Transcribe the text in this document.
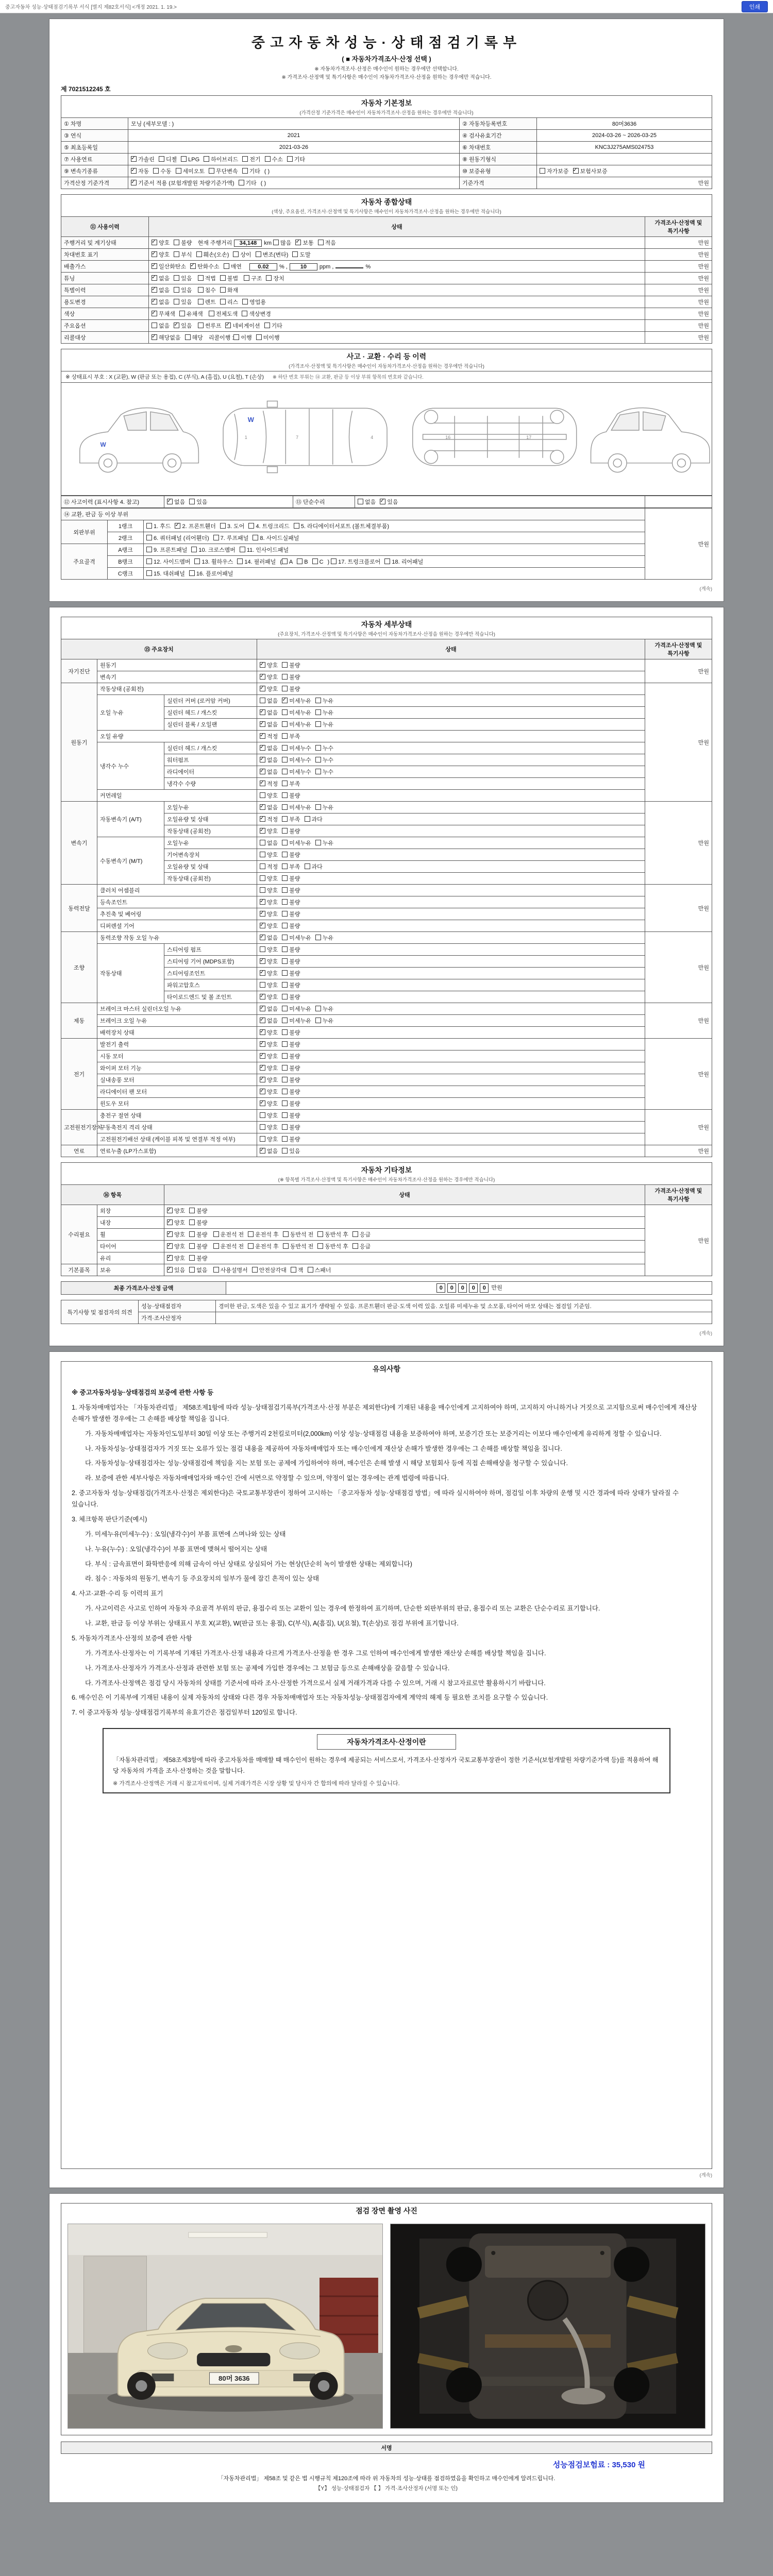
중고자동차 성능·상태점검기록부 서식 [별지 제82호서식] <개정 2021. 1. 19.>	인쇄
중고자동차성능·상태점검기록부
( ■ 자동차가격조사·산정 선택 )
※ 자동차가격조사·산정은 매수인이 원하는 경우에만 선택합니다.
※ 가격조사·산정액 및 특기사항은 매수인이 자동차가격조사·산정을 원하는 경우에만 적습니다.
제 7021512245 호
자동차 기본정보
(가격산정 기준가격은 매수인이 자동차가격조사·산정을 원하는 경우에만 적습니다)
① 차명	모닝 (세부모델 : )	② 자동차등록번호	80머3636
③ 연식	2021	④ 검사유효기간	2024-03-26 ~ 2026-03-25
⑤ 최초등록일	2021-03-26	⑥ 차대번호	KNC3J275AMS024753
⑦ 사용연료	✓가솔린 디젤 LPG 하이브리드 전기 수소 기타	⑧ 원동기형식	
⑨ 변속기종류	✓자동 수동 세미오토 무단변속 기타 ( )	⑩ 보증유형	자가보증 ✓ 보험사보증
가격산정 기준가격	✓기준서 적용 (보험개발원 차량기준가액) 기타 ( )	기준가격	만원
자동차 종합상태
(색상, 주요옵션, 가격조사·산정액 및 특기사항은 매수인이 자동차가격조사·산정을 원하는 경우에만 적습니다)
⑪ 사용이력	상태	가격조사·산정액 및 특기사항
주행거리 및 계기상태	✓양호 불량 현재 주행거리 34,148 km 많음 ✓ 보통 적음	만원
차대번호 표기	✓양호 부식 훼손(오손) 상이 변조(변타) 도말	만원
배출가스	✓일산화탄소 ✓ 탄화수소 매연 0.02 % , 10 ppm , %	만원
튜닝	✓없음 있음 적법 불법 구조 장치	만원
특별이력	✓없음 있음 침수 화재	만원
용도변경	✓없음 있음 렌트 리스 영업용	만원
색상	✓무채색 유채색 전체도색 색상변경	만원
주요옵션	없음 ✓ 있음 썬루프 ✓ 네비게이션 기타	만원
리콜대상	✓해당없음 해당 리콜이행 : 이행 미이행	만원
사고 · 교환 · 수리 등 이력
(가격조사·산정액 및 특기사항은 매수인이 자동차가격조사·산정을 원하는 경우에만 적습니다)
※ 상태표시 부호 : X (교환), W (판금 또는 용접), C (부식), A (흠집), U (요철), T (손상) ※ 하단 번호 부위는 ⑭ 교환, 판금 등 이상 부위 항목의 번호와 같습니다.
W
1	7	4
W
16	17
⑫ 사고이력 (표시사항 4. 참고)	✓없음 있음	⑬ 단순수리	없음 ✓ 있음	
⑭ 교환, 판금 등 이상 부위			만원
외판부위	1랭크	1. 후드 ✓ 2. 프론트휀더 3. 도어 4. 트렁크리드 5. 라디에이터서포트 (볼트체결부품)
	2랭크	6. 쿼터패널 (리어휀더) 7. 루프패널 8. 사이드실패널	
주요골격	A랭크	9. 프론트패널 10. 크로스멤버 11. 인사이드패널	
	B랭크	12. 사이드멤버 13. 휠하우스 14. 필러패널 ( A B C ) 17. 트렁크플로어 18. 리어패널	
	C랭크	15. 대쉬패널 16. 플로어패널	
(계속)
자동차 세부상태
(주요장치, 가격조사·산정액 및 특기사항은 매수인이 자동차가격조사·산정을 원하는 경우에만 적습니다)
⑮ 주요장치			상태	가격조사·산정액 및 특기사항
자기진단	원동기	✓양호 불량	만원
	변속기	✓양호 불량
원동기	작동상태 (공회전)	✓양호 불량	만원
	오일 누유	실린더 커버 (로커암 커버)	없음 ✓ 미세누유 누유
		실린더 헤드 / 개스킷	✓없음 미세누유 누유
		실린더 블록 / 오일팬	✓없음 미세누유 누유
	오일 유량	✓적정 부족
	냉각수 누수	실린더 헤드 / 개스킷	✓없음 미세누수 누수
		워터펌프	✓없음 미세누수 누수
		라디에이터	✓없음 미세누수 누수
		냉각수 수량	✓적정 부족
	커먼레일		양호 불량	
변속기	자동변속기 (A/T)	오일누유	✓없음 미세누유 누유	만원
		오일유량 및 상태	✓적정 부족 과다
		작동상태 (공회전)	✓양호 불량
	수동변속기 (M/T)	오일누유	없음 미세누유 누유	
		기어변속장치	양호 불량	
		오일유량 및 상태	적정 부족 과다	
		작동상태 (공회전)	양호 불량	
동력전달	클러치 어셈블리		양호 불량	만원
	등속조인트	✓양호 불량
	추진축 및 베어링	✓양호 불량
	디퍼렌셜 기어	✓양호 불량
조향	동력조향 작동 오일 누유	✓없음 미세누유 누유	만원
	작동상태	스티어링 펌프	양호 불량	
		스티어링 기어 (MDPS포함)	✓양호 불량
		스티어링조인트	✓양호 불량
		파워고압호스	양호 불량	
		타이로드엔드 및 볼 조인트	✓양호 불량
제동	브레이크 마스터 실린더오일 누유	✓없음 미세누유 누유	만원
	브레이크 오일 누유	✓없음 미세누유 누유
	배력장치 상태	✓양호 불량
전기	발전기 출력	✓양호 불량	만원
	시동 모터	✓양호 불량
	와이퍼 모터 기능	✓양호 불량
	실내송풍 모터	✓양호 불량
	라디에이터 팬 모터	✓양호 불량
	윈도우 모터	✓양호 불량
고전원전기장치	충전구 절연 상태		양호 불량	만원
	구동축전지 격리 상태		양호 불량	
	고전원전기배선 상태 (케이블 피복 및 연결부 적정 여부)		양호 불량	
연료	연료누출 (LP가스포함)	✓없음 있음	만원
자동차 기타정보
(※ 항목별 가격조사·산정액 및 특기사항은 매수인이 자동차가격조사·산정을 원하는 경우에만 적습니다)
⑯ 항목		상태	가격조사·산정액 및 특기사항
수리필요	외장	✓양호 불량	만원
	내장	✓양호 불량
	휠	✓양호 불량 운전석 전 운전석 후 동반석 전 동반석 후 응급
	타이어	✓양호 불량 운전석 전 운전석 후 동반석 전 동반석 후 응급
	유리	✓양호 불량
기본품목	보유	✓있음 없음 사용설명서 안전삼각대 잭 스패너
최종 가격조사·산정 금액	0 0 0 0 0 만원
특기사항 및 점검자의 의견	성능·상태점검자	경미한 판금, 도색은 있을 수 있고 표기가 생략될 수 있음. 프론트휀더 판금·도색 이력 있음. 오일류 미세누유 및 소모품, 타이어 마모 상태는 점검일 기준임.
	가격·조사산정자	
(계속)
유의사항
※ 중고자동차성능·상태점검의 보증에 관한 사항 등
1. 자동차매매업자는 「자동차관리법」 제58조제1항에 따라 성능·상태점검기록부(가격조사·산정 부분은 제외한다)에 기재된 내용을 매수인에게 고지하여야 하며, 고지하지 아니하거나 거짓으로 고지함으로써 매수인에게 재산상 손해가 발생한 경우에는 그 손해를 배상할 책임을 집니다.
가. 자동차매매업자는 자동차인도일부터 30일 이상 또는 주행거리 2천킬로미터(2,000km) 이상 성능·상태점검 내용을 보증하여야 하며, 보증기간 또는 보증거리는 이보다 매수인에게 유리하게 정할 수 있습니다.
나. 자동차성능·상태점검자가 거짓 또는 오류가 있는 점검 내용을 제공하여 자동차매매업자 또는 매수인에게 재산상 손해가 발생한 경우에는 그 손해를 배상할 책임을 집니다.
다. 자동차성능·상태점검자는 성능·상태점검에 책임을 지는 보험 또는 공제에 가입하여야 하며, 매수인은 손해 발생 시 해당 보험회사 등에 직접 손해배상을 청구할 수 있습니다.
라. 보증에 관한 세부사항은 자동차매매업자와 매수인 간에 서면으로 약정할 수 있으며, 약정이 없는 경우에는 관계 법령에 따릅니다.
2. 중고자동차 성능·상태점검(가격조사·산정은 제외한다)은 국토교통부장관이 정하여 고시하는 「중고자동차 성능·상태점검 방법」에 따라 실시하여야 하며, 점검일 이후 차량의 운행 및 시간 경과에 따라 상태가 달라질 수 있습니다.
3. 체크항목 판단기준(예시)
가. 미세누유(미세누수) : 오일(냉각수)이 부품 표면에 스며나와 있는 상태
나. 누유(누수) : 오일(냉각수)이 부품 표면에 맺혀서 떨어지는 상태
다. 부식 : 금속표면이 화학반응에 의해 금속이 아닌 상태로 상실되어 가는 현상(단순히 녹이 발생한 상태는 제외합니다)
라. 침수 : 자동차의 원동기, 변속기 등 주요장치의 일부가 물에 잠긴 흔적이 있는 상태
4. 사고·교환·수리 등 이력의 표기
가. 사고이력은 사고로 인하여 자동차 주요골격 부위의 판금, 용접수리 또는 교환이 있는 경우에 한정하여 표기하며, 단순한 외판부위의 판금, 용접수리 또는 교환은 단순수리로 표기합니다.
나. 교환, 판금 등 이상 부위는 상태표시 부호 X(교환), W(판금 또는 용접), C(부식), A(흠집), U(요철), T(손상)로 점검 부위에 표기합니다.
5. 자동차가격조사·산정의 보증에 관한 사항
가. 가격조사·산정자는 이 기록부에 기재된 가격조사·산정 내용과 다르게 가격조사·산정을 한 경우 그로 인하여 매수인에게 발생한 재산상 손해를 배상할 책임을 집니다.
나. 가격조사·산정자가 가격조사·산정과 관련한 보험 또는 공제에 가입한 경우에는 그 보험금 등으로 손해배상을 갈음할 수 있습니다.
다. 가격조사·산정액은 점검 당시 자동차의 상태를 기준서에 따라 조사·산정한 가격으로서 실제 거래가격과 다를 수 있으며, 거래 시 참고자료로만 활용하시기 바랍니다.
6. 매수인은 이 기록부에 기재된 내용이 실제 자동차의 상태와 다른 경우 자동차매매업자 또는 자동차성능·상태점검자에게 계약의 해제 등 필요한 조치를 요구할 수 있습니다.
7. 이 중고자동차 성능·상태점검기록부의 유효기간은 점검일부터 120일로 합니다.
자동차가격조사·산정이란
「자동차관리법」 제58조제3항에 따라 중고자동차를 매매할 때 매수인이 원하는 경우에 제공되는 서비스로서, 가격조사·산정자가 국토교통부장관이 정한 기준서(보험개발원 차량기준가액 등)를 적용하여 해당 자동차의 가격을 조사·산정하는 것을 말합니다.
※ 가격조사·산정액은 거래 시 참고자료이며, 실제 거래가격은 시장 상황 및 당사자 간 합의에 따라 달라질 수 있습니다.
(계속)
점검 장면 촬영 사진
80머 3636
서명
성능점검보험료 : 35,530 원
「자동차관리법」 제58조 및 같은 법 시행규칙 제120조에 따라 위 자동차의 성능·상태를 점검하였음을 확인하고 매수인에게 알려드립니다.
【Y】 성능·상태점검자 【 】 가격·조사산정자 (서명 또는 인)
